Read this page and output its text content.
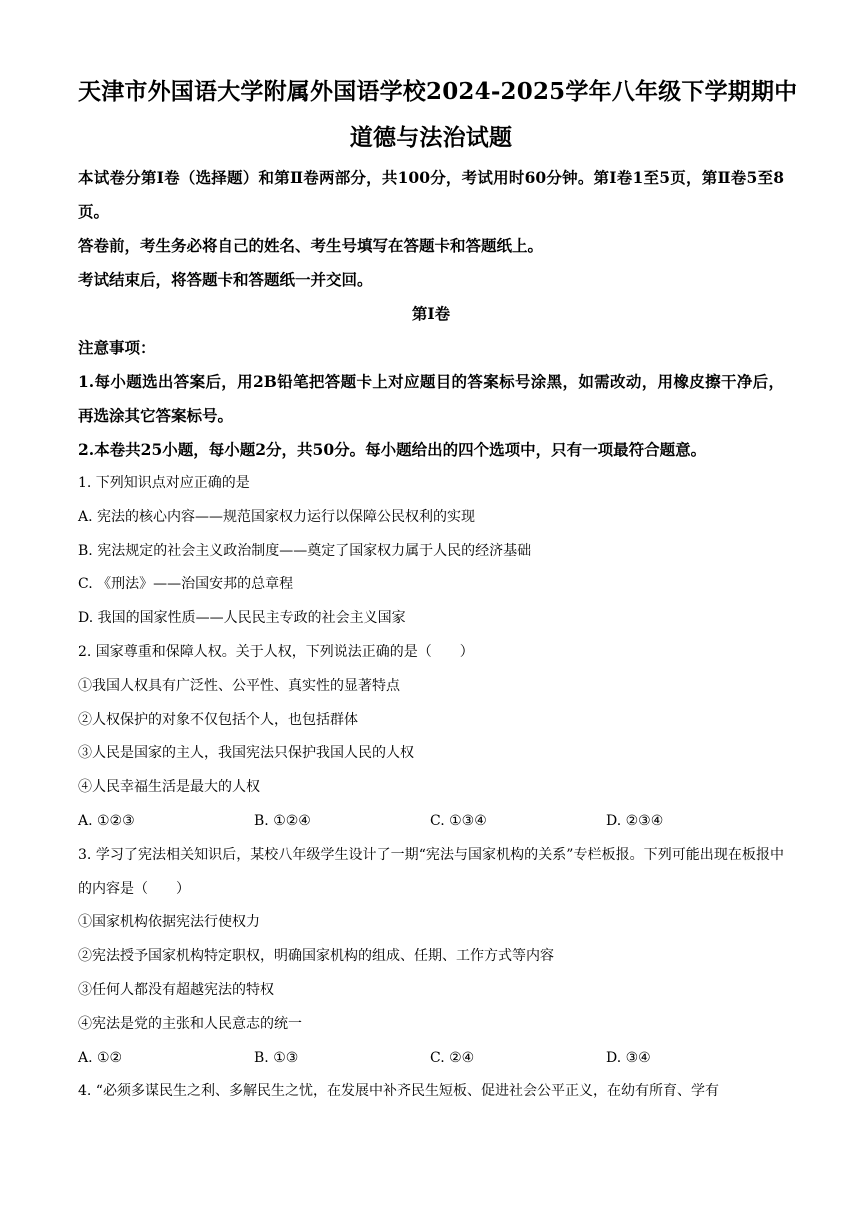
天津市外国语大学附属外国语学校2024-2025学年八年级下学期期中
道德与法治试题
本试卷分第Ⅰ卷（选择题）和第Ⅱ卷两部分，共100分，考试用时60分钟。第Ⅰ卷1至5页，第Ⅱ卷5至8页。
答卷前，考生务必将自己的姓名、考生号填写在答题卡和答题纸上。
考试结束后，将答题卡和答题纸一并交回。
第Ⅰ卷
注意事项：
1.每小题选出答案后，用2B铅笔把答题卡上对应题目的答案标号涂黑，如需改动，用橡皮擦干净后，再选涂其它答案标号。
2.本卷共25小题，每小题2分，共50分。每小题给出的四个选项中，只有一项最符合题意。
1. 下列知识点对应正确的是
A. 宪法的核心内容——规范国家权力运行以保障公民权利的实现
B. 宪法规定的社会主义政治制度——奠定了国家权力属于人民的经济基础
C. 《刑法》——治国安邦的总章程
D. 我国的国家性质——人民民主专政的社会主义国家
2. 国家尊重和保障人权。关于人权，下列说法正确的是（　　）
①我国人权具有广泛性、公平性、真实性的显著特点
②人权保护的对象不仅包括个人，也包括群体
③人民是国家的主人，我国宪法只保护我国人民的人权
④人民幸福生活是最大的人权
A. ①②③	B. ①②④	C. ①③④	D. ②③④
3. 学习了宪法相关知识后，某校八年级学生设计了一期“宪法与国家机构的关系”专栏板报。下列可能出现在板报中的内容是（　　）
①国家机构依据宪法行使权力
②宪法授予国家机构特定职权，明确国家机构的组成、任期、工作方式等内容
③任何人都没有超越宪法的特权
④宪法是党的主张和人民意志的统一
A. ①②	B. ①③	C. ②④	D. ③④
4. “必须多谋民生之利、多解民生之忧，在发展中补齐民生短板、促进社会公平正义，在幼有所育、学有
